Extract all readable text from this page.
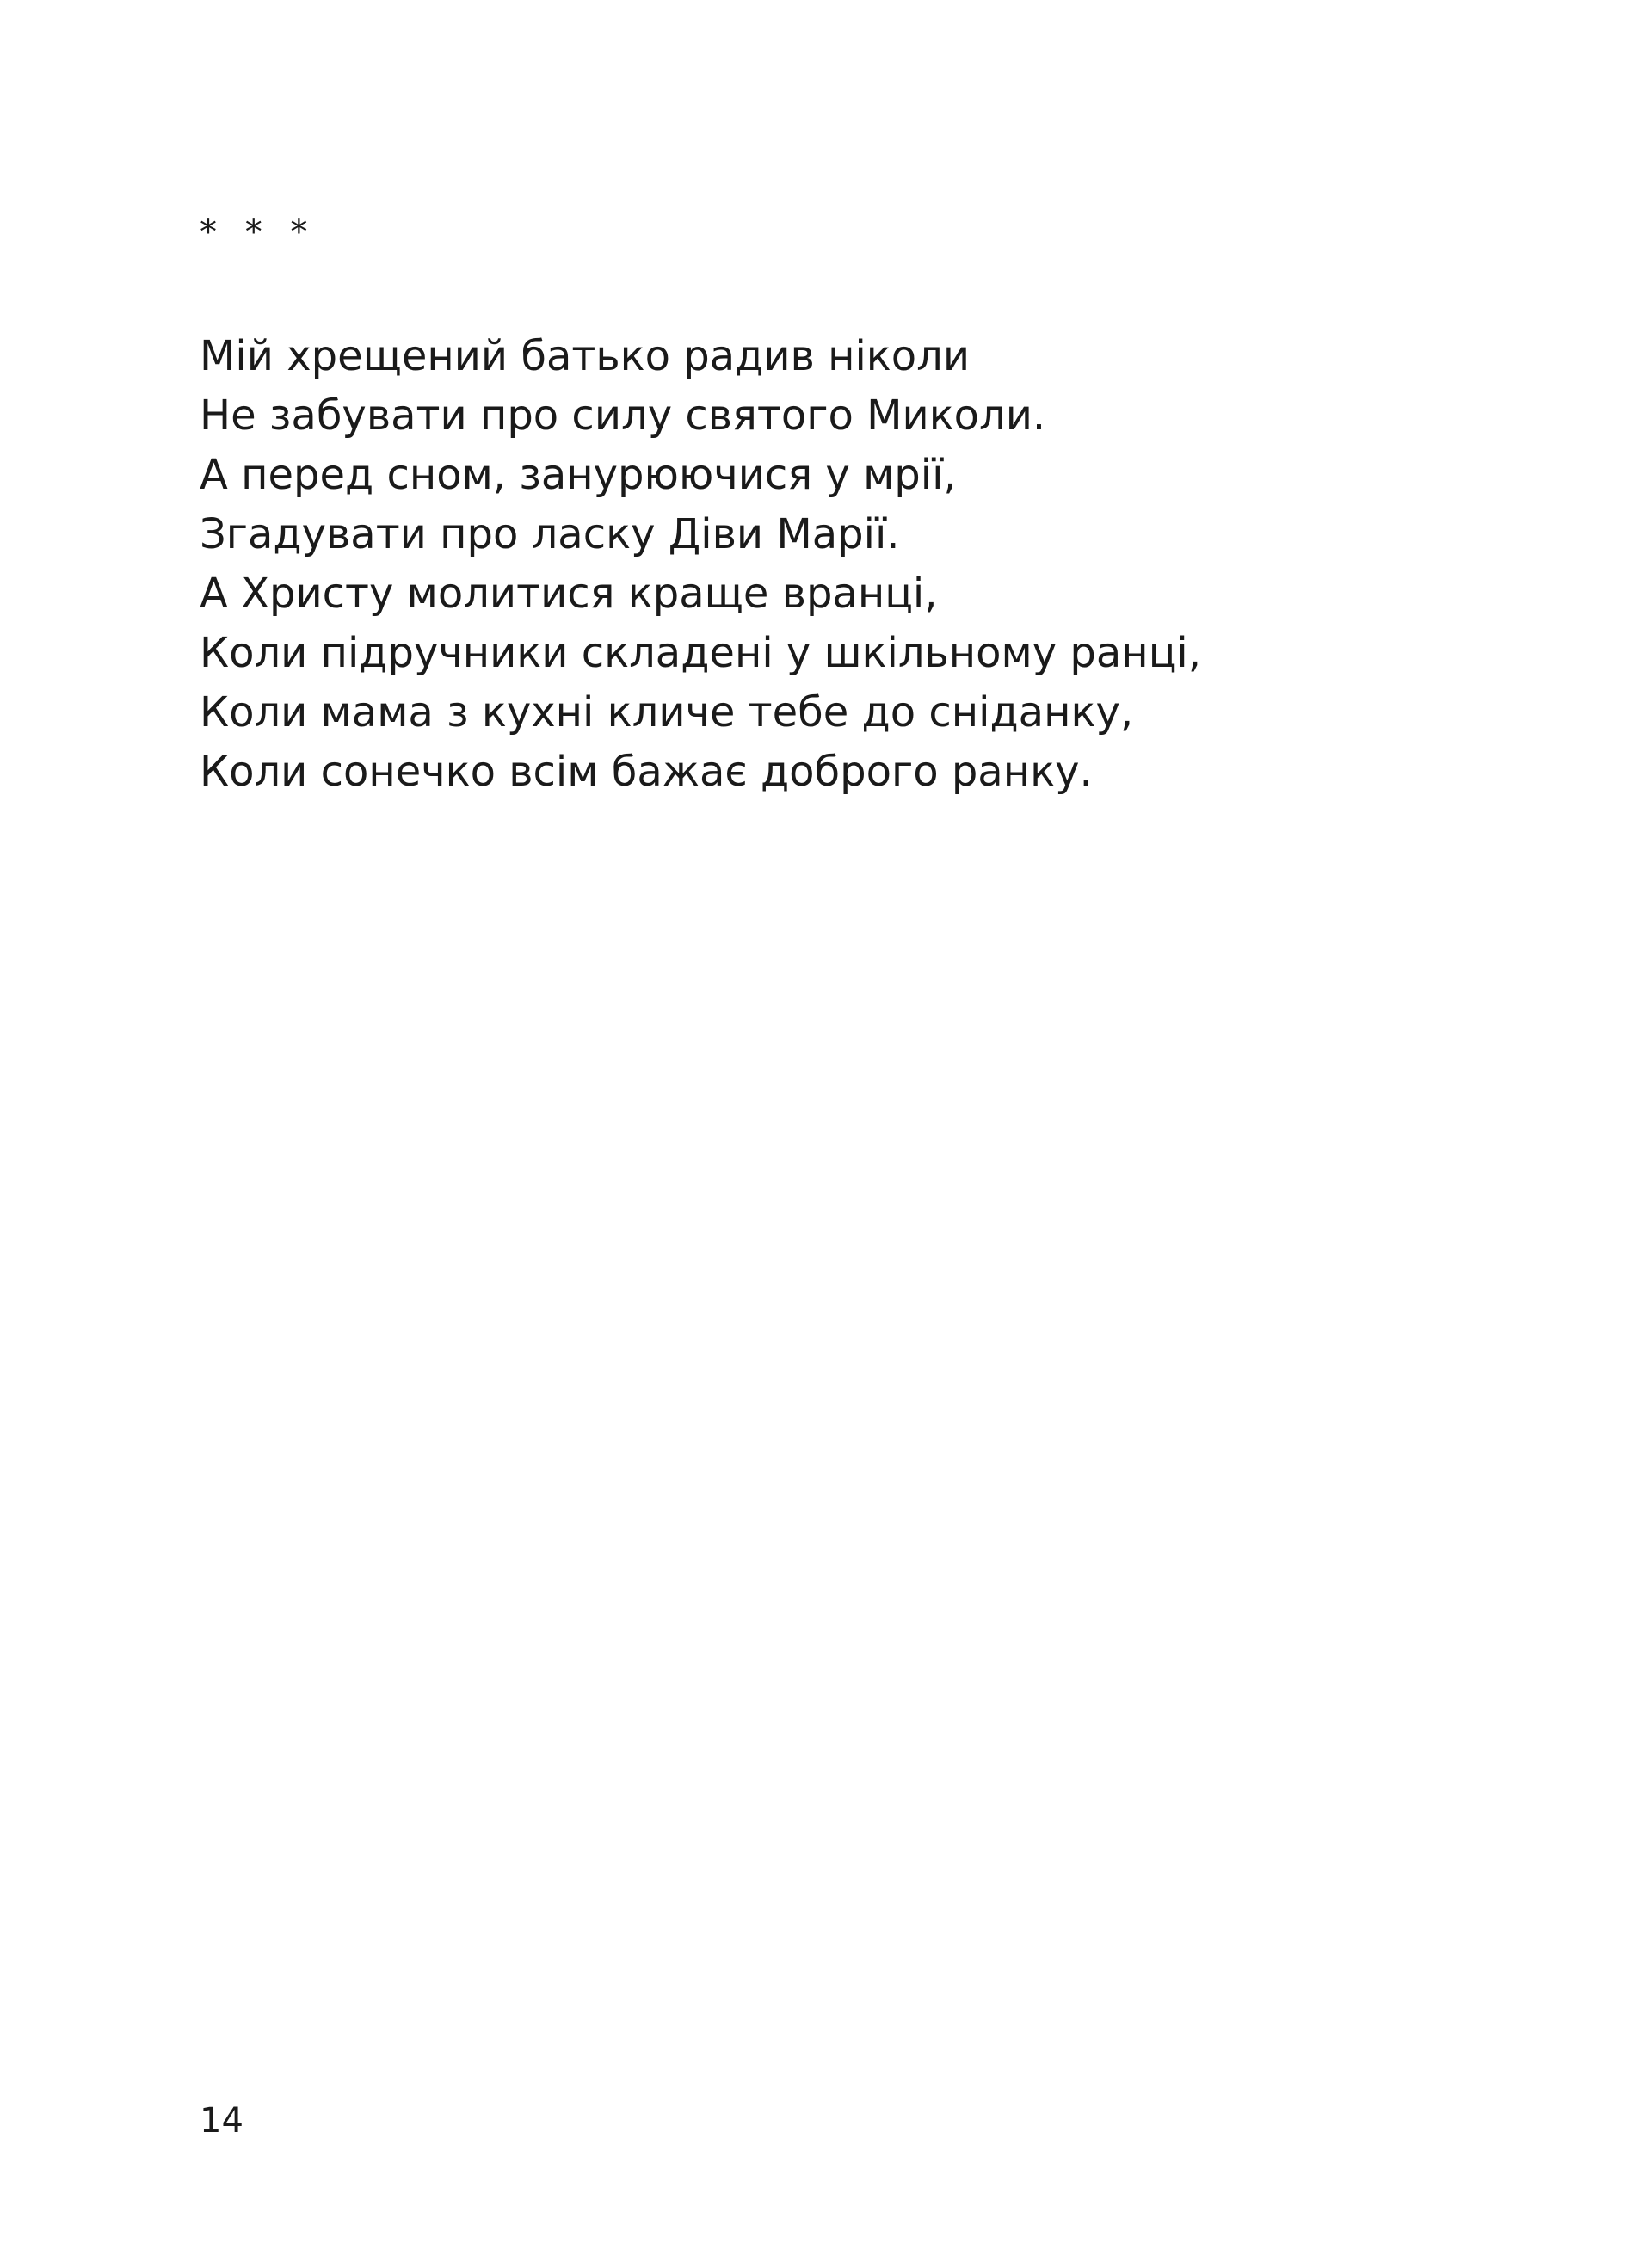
* * *
Мій хрещений батько радив ніколи
Не забувати про силу святого Миколи.
А перед сном, занурюючися у мрії,
Згадувати про ласку Діви Марії.
А Христу молитися краще вранці,
Коли підручники складені у шкільному ранці,
Коли мама з кухні кличе тебе до сніданку,
Коли сонечко всім бажає доброго ранку.
14
